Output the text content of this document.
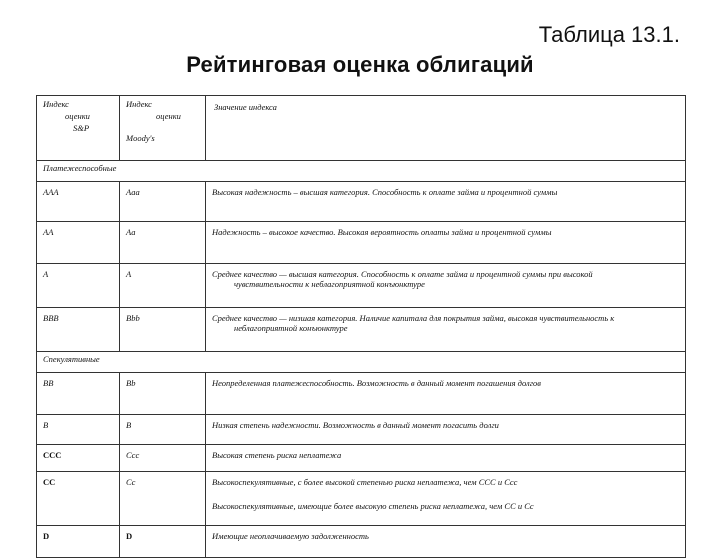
Таблица 13.1.
Рейтинговая оценка облигаций
Индекс
оценки
S&P	Индекс
оценки
Moody's	Значение индекса
Платежеспособные		
AAA	Aaa	Высокая надежность – высшая категория. Способность к оплате займа и процентной суммы
AA	Aa	Надежность – высокое качество. Высокая вероятность оплаты займа и процентной суммы
A	A	Среднее качество — высшая категория. Способность к оплате займа и процентной суммы при высокой
чувствительности к неблагоприятной конъюнктуре

BBB	Bbb	Среднее качество — низшая категория. Наличие капитала для покрытия займа, высокая чувствительность к
неблагоприятной конъюнктуре

Спекулятивные		
BB	Bb	Неопределенная платежеспособность. Возможность в данный момент погашения долгов
B	B	Низкая степень надежности. Возможность в данный момент погасить долги
CCC	Ccc	Высокая степень риска неплатежа
CC	Cc	Высокоспекулятивные, с более высокой степенью риска неплатежа, чем CCC и Ccc
Высокоспекулятивные, имеющие более высокую степень риска неплатежа, чем CC и Cc

D	D	Имеющие неоплачиваемую задолженность
